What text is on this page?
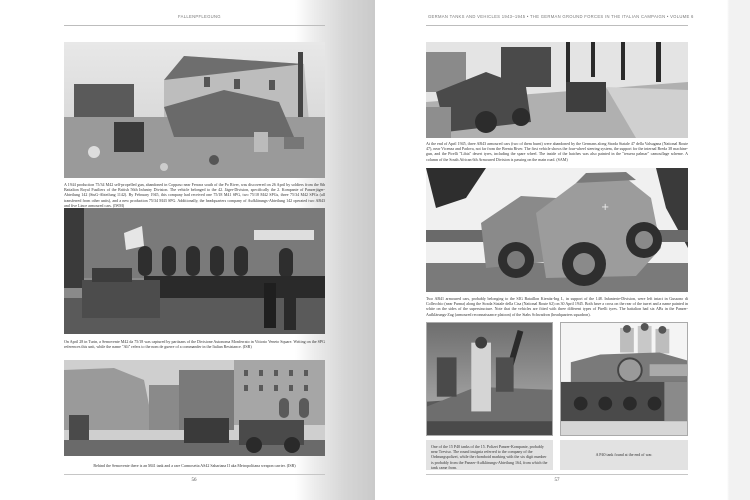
FALLENPFLEGUNG
A 1944 production 75/34 M42 self-propelled gun, abandoned in Coppaso near Ferrara south of the Po River, was discovered on 26 April by soldiers from the 8th Battalion Royal Fusiliers of the British 56th Infantry Division. The vehicle belonged to the 42. Jäger-Division, specifically the 2. Kompanie of Panzerjäger-Abteilung 142 (StuG-Abteilung 1142). By February 1945, this company had received one 75/18 M41 SPG, two 75/18 M42 SPGs, three 75/34 M42 SPGs (all transferred from other units), and a new production 75/34 M43 SPG. Additionally, the headquarters company of Aufklärungs-Abteilung 142 operated two AB43 and five Lince armoured cars. (IWM)
On April 28 in Turin, a Semovente M42 da 75/18 was captured by partisans of the Divisione Autonoma Monferrato in Vittorio Veneto Square. Writing on the SPG references this unit, while the name "Ali" refers to the nom de guerre of a commander in the Italian Resistance. (ISR)
Behind the Semovente there is an M41 tank and a rare Carmosetta AS42 Sahariana II aka Metropolitana weapon carrier. (ISR)
56
GERMAN TANKS AND VEHICLES 1943–1945 • THE GERMAN GROUND FORCES IN THE ITALIAN CAMPAIGN • VOLUME 6
At the end of April 1945, three AB43 armoured cars (two of them burnt) were abandoned by the Germans along Strada Statale 47 della Valsugana (National Route 47), near Vicenza and Padova, not far from the Brenta River. The first vehicle shows the four-wheel steering system, the support for the internal Breda 38 machine-gun, and the Pirelli "Libia" desert tyres, including the spare wheel. The inside of the hatches was also painted in the "tessera palmar" camouflage scheme. A column of the South African 6th Armoured Division is passing on the main road. (SAM)
+
Two AB41 armoured cars, probably belonging to the SIG Bataillon Kienitz-Ing I., in support of the 148. Infanterie-Division, were left intact in Gussono di Collecchio (near Parma) along the Strada Statale della Cisa (National Route 62) on 30 April 1945. Both have a cross on the rear of the turret and a name painted in white on the sides of the superstructure. Note that the vehicles are fitted with three different types of Pirelli tyres. The battalion had six ABs in the Panzer-Aufklärungs-Zug (armoured reconnaissance platoon) of the Stabs Schwadron (headquarters squadron).
One of the 15 P40 tanks of the 15. Polizei Panzer-Kompanie, probably near Treviso. The round insignia referred to the company of the Ordnungspolizei, while the rhomboid marking with the six digit number is probably from the Panzer-Aufklärungs-Abteilung 164, from which the tank came from.
A P40 tank found at the end of war.
57
